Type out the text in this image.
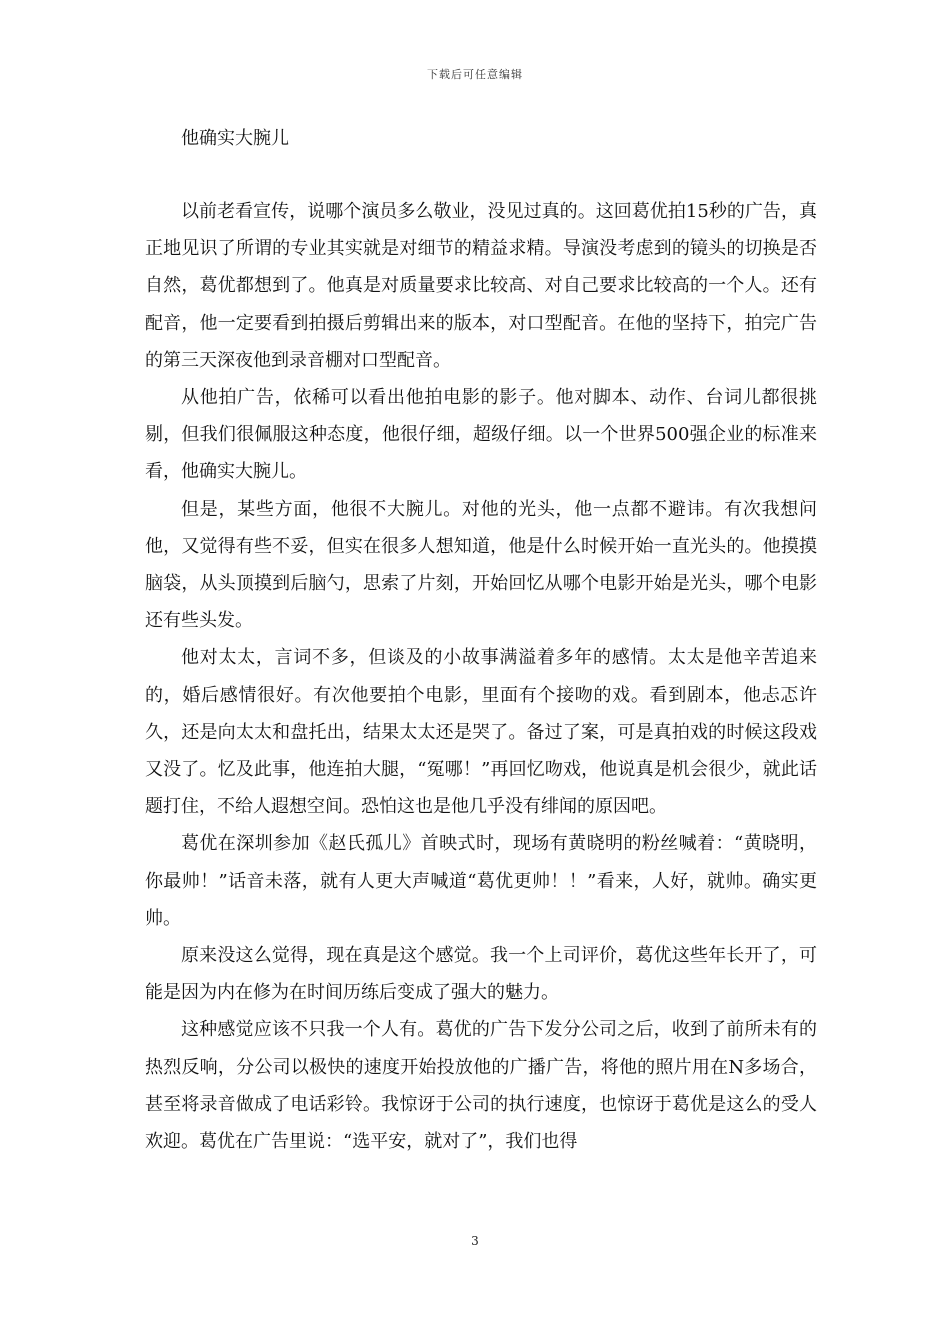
下载后可任意编辑
他确实大腕儿

以前老看宣传，说哪个演员多么敬业，没见过真的。这回葛优拍15秒的广告，真正地见识了所谓的专业其实就是对细节的精益求精。导演没考虑到的镜头的切换是否自然，葛优都想到了。他真是对质量要求比较高、对自己要求比较高的一个人。还有配音，他一定要看到拍摄后剪辑出来的版本，对口型配音。在他的坚持下，拍完广告的第三天深夜他到录音棚对口型配音。

从他拍广告，依稀可以看出他拍电影的影子。他对脚本、动作、台词儿都很挑剔，但我们很佩服这种态度，他很仔细，超级仔细。以一个世界500强企业的标准来看，他确实大腕儿。

但是，某些方面，他很不大腕儿。对他的光头，他一点都不避讳。有次我想问他，又觉得有些不妥，但实在很多人想知道，他是什么时候开始一直光头的。他摸摸脑袋，从头顶摸到后脑勺，思索了片刻，开始回忆从哪个电影开始是光头，哪个电影还有些头发。

他对太太，言词不多，但谈及的小故事满溢着多年的感情。太太是他辛苦追来的，婚后感情很好。有次他要拍个电影，里面有个接吻的戏。看到剧本，他忐忑许久，还是向太太和盘托出，结果太太还是哭了。备过了案，可是真拍戏的时候这段戏又没了。忆及此事，他连拍大腿，“冤哪！”再回忆吻戏，他说真是机会很少，就此话题打住，不给人遐想空间。恐怕这也是他几乎没有绯闻的原因吧。

葛优在深圳参加《赵氏孤儿》首映式时，现场有黄晓明的粉丝喊着：“黄晓明，你最帅！”话音未落，就有人更大声喊道“葛优更帅！！”看来，人好，就帅。确实更帅。

原来没这么觉得，现在真是这个感觉。我一个上司评价，葛优这些年长开了，可能是因为内在修为在时间历练后变成了强大的魅力。

这种感觉应该不只我一个人有。葛优的广告下发分公司之后，收到了前所未有的热烈反响，分公司以极快的速度开始投放他的广播广告，将他的照片用在N多场合，甚至将录音做成了电话彩铃。我惊讶于公司的执行速度，也惊讶于葛优是这么的受人欢迎。葛优在广告里说：“选平安，就对了”，我们也得

3
